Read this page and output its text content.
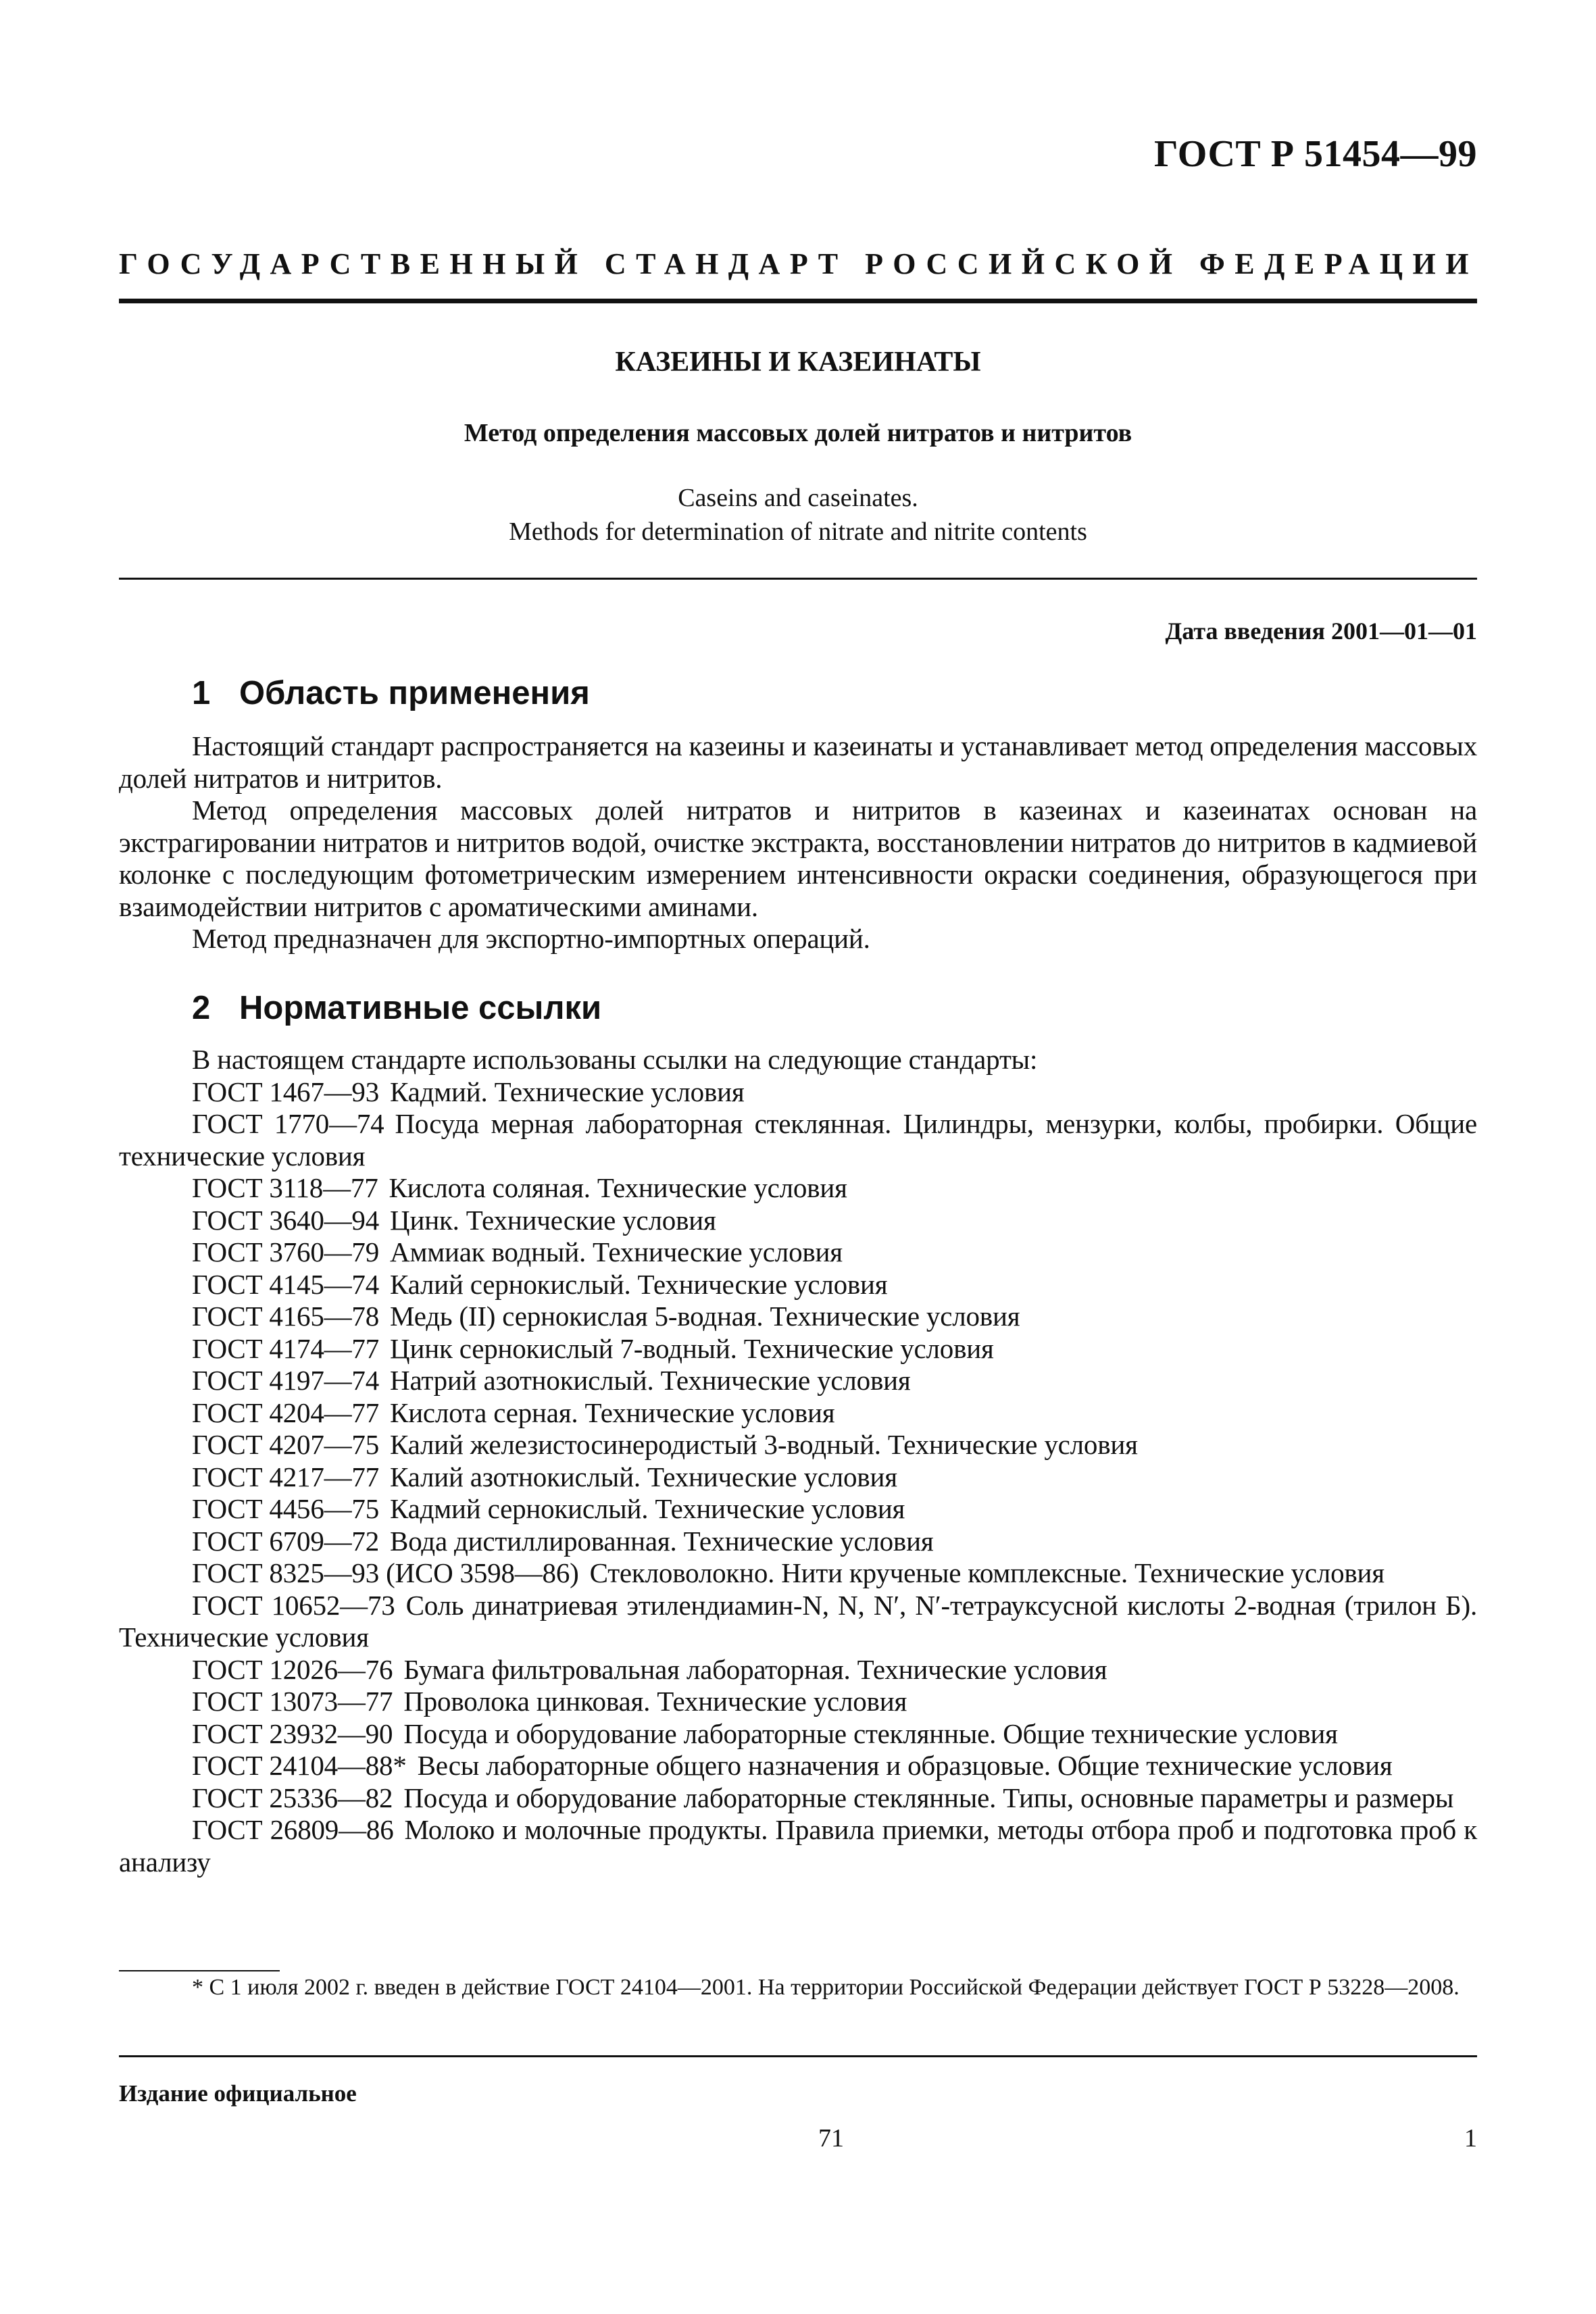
ГОСТ Р 51454—99
ГОСУДАРСТВЕННЫЙ СТАНДАРТ РОССИЙСКОЙ ФЕДЕРАЦИИ
КАЗЕИНЫ И КАЗЕИНАТЫ
Метод определения массовых долей нитратов и нитритов
Caseins and caseinates.
Methods for determination of nitrate and nitrite contents
Дата введения 2001—01—01
1 Область применения

Настоящий стандарт распространяется на казеины и казеинаты и устанавливает метод определения массовых долей нитратов и нитритов.

Метод определения массовых долей нитратов и нитритов в казеинах и казеинатах основан на экстрагировании нитратов и нитритов водой, очистке экстракта, восстановлении нитратов до нитритов в кадмиевой колонке с последующим фотометрическим измерением интенсивности окраски соединения, образующегося при взаимодействии нитритов с ароматическими аминами.

Метод предназначен для экспортно-импортных операций.

2 Нормативные ссылки

В настоящем стандарте использованы ссылки на следующие стандарты:

ГОСТ 1467—93 Кадмий. Технические условия
ГОСТ 1770—74 Посуда мерная лабораторная стеклянная. Цилиндры, мензурки, колбы, пробирки. Общие технические условия
ГОСТ 3118—77 Кислота соляная. Технические условия
ГОСТ 3640—94 Цинк. Технические условия
ГОСТ 3760—79 Аммиак водный. Технические условия
ГОСТ 4145—74 Калий сернокислый. Технические условия
ГОСТ 4165—78 Медь (II) сернокислая 5-водная. Технические условия
ГОСТ 4174—77 Цинк сернокислый 7-водный. Технические условия
ГОСТ 4197—74 Натрий азотнокислый. Технические условия
ГОСТ 4204—77 Кислота серная. Технические условия
ГОСТ 4207—75 Калий железистосинеродистый 3-водный. Технические условия
ГОСТ 4217—77 Калий азотнокислый. Технические условия
ГОСТ 4456—75 Кадмий сернокислый. Технические условия
ГОСТ 6709—72 Вода дистиллированная. Технические условия
ГОСТ 8325—93 (ИСО 3598—86) Стекловолокно. Нити крученые комплексные. Технические условия
ГОСТ 10652—73 Соль динатриевая этилендиамин-N, N, N′, N′-тетрауксусной кислоты 2-водная (трилон Б). Технические условия
ГОСТ 12026—76 Бумага фильтровальная лабораторная. Технические условия
ГОСТ 13073—77 Проволока цинковая. Технические условия
ГОСТ 23932—90 Посуда и оборудование лабораторные стеклянные. Общие технические условия
ГОСТ 24104—88* Весы лабораторные общего назначения и образцовые. Общие технические условия
ГОСТ 25336—82 Посуда и оборудование лабораторные стеклянные. Типы, основные параметры и размеры
ГОСТ 26809—86 Молоко и молочные продукты. Правила приемки, методы отбора проб и подготовка проб к анализу
* С 1 июля 2002 г. введен в действие ГОСТ 24104—2001. На территории Российской Федерации действует ГОСТ Р 53228—2008.
Издание официальное
71	1
